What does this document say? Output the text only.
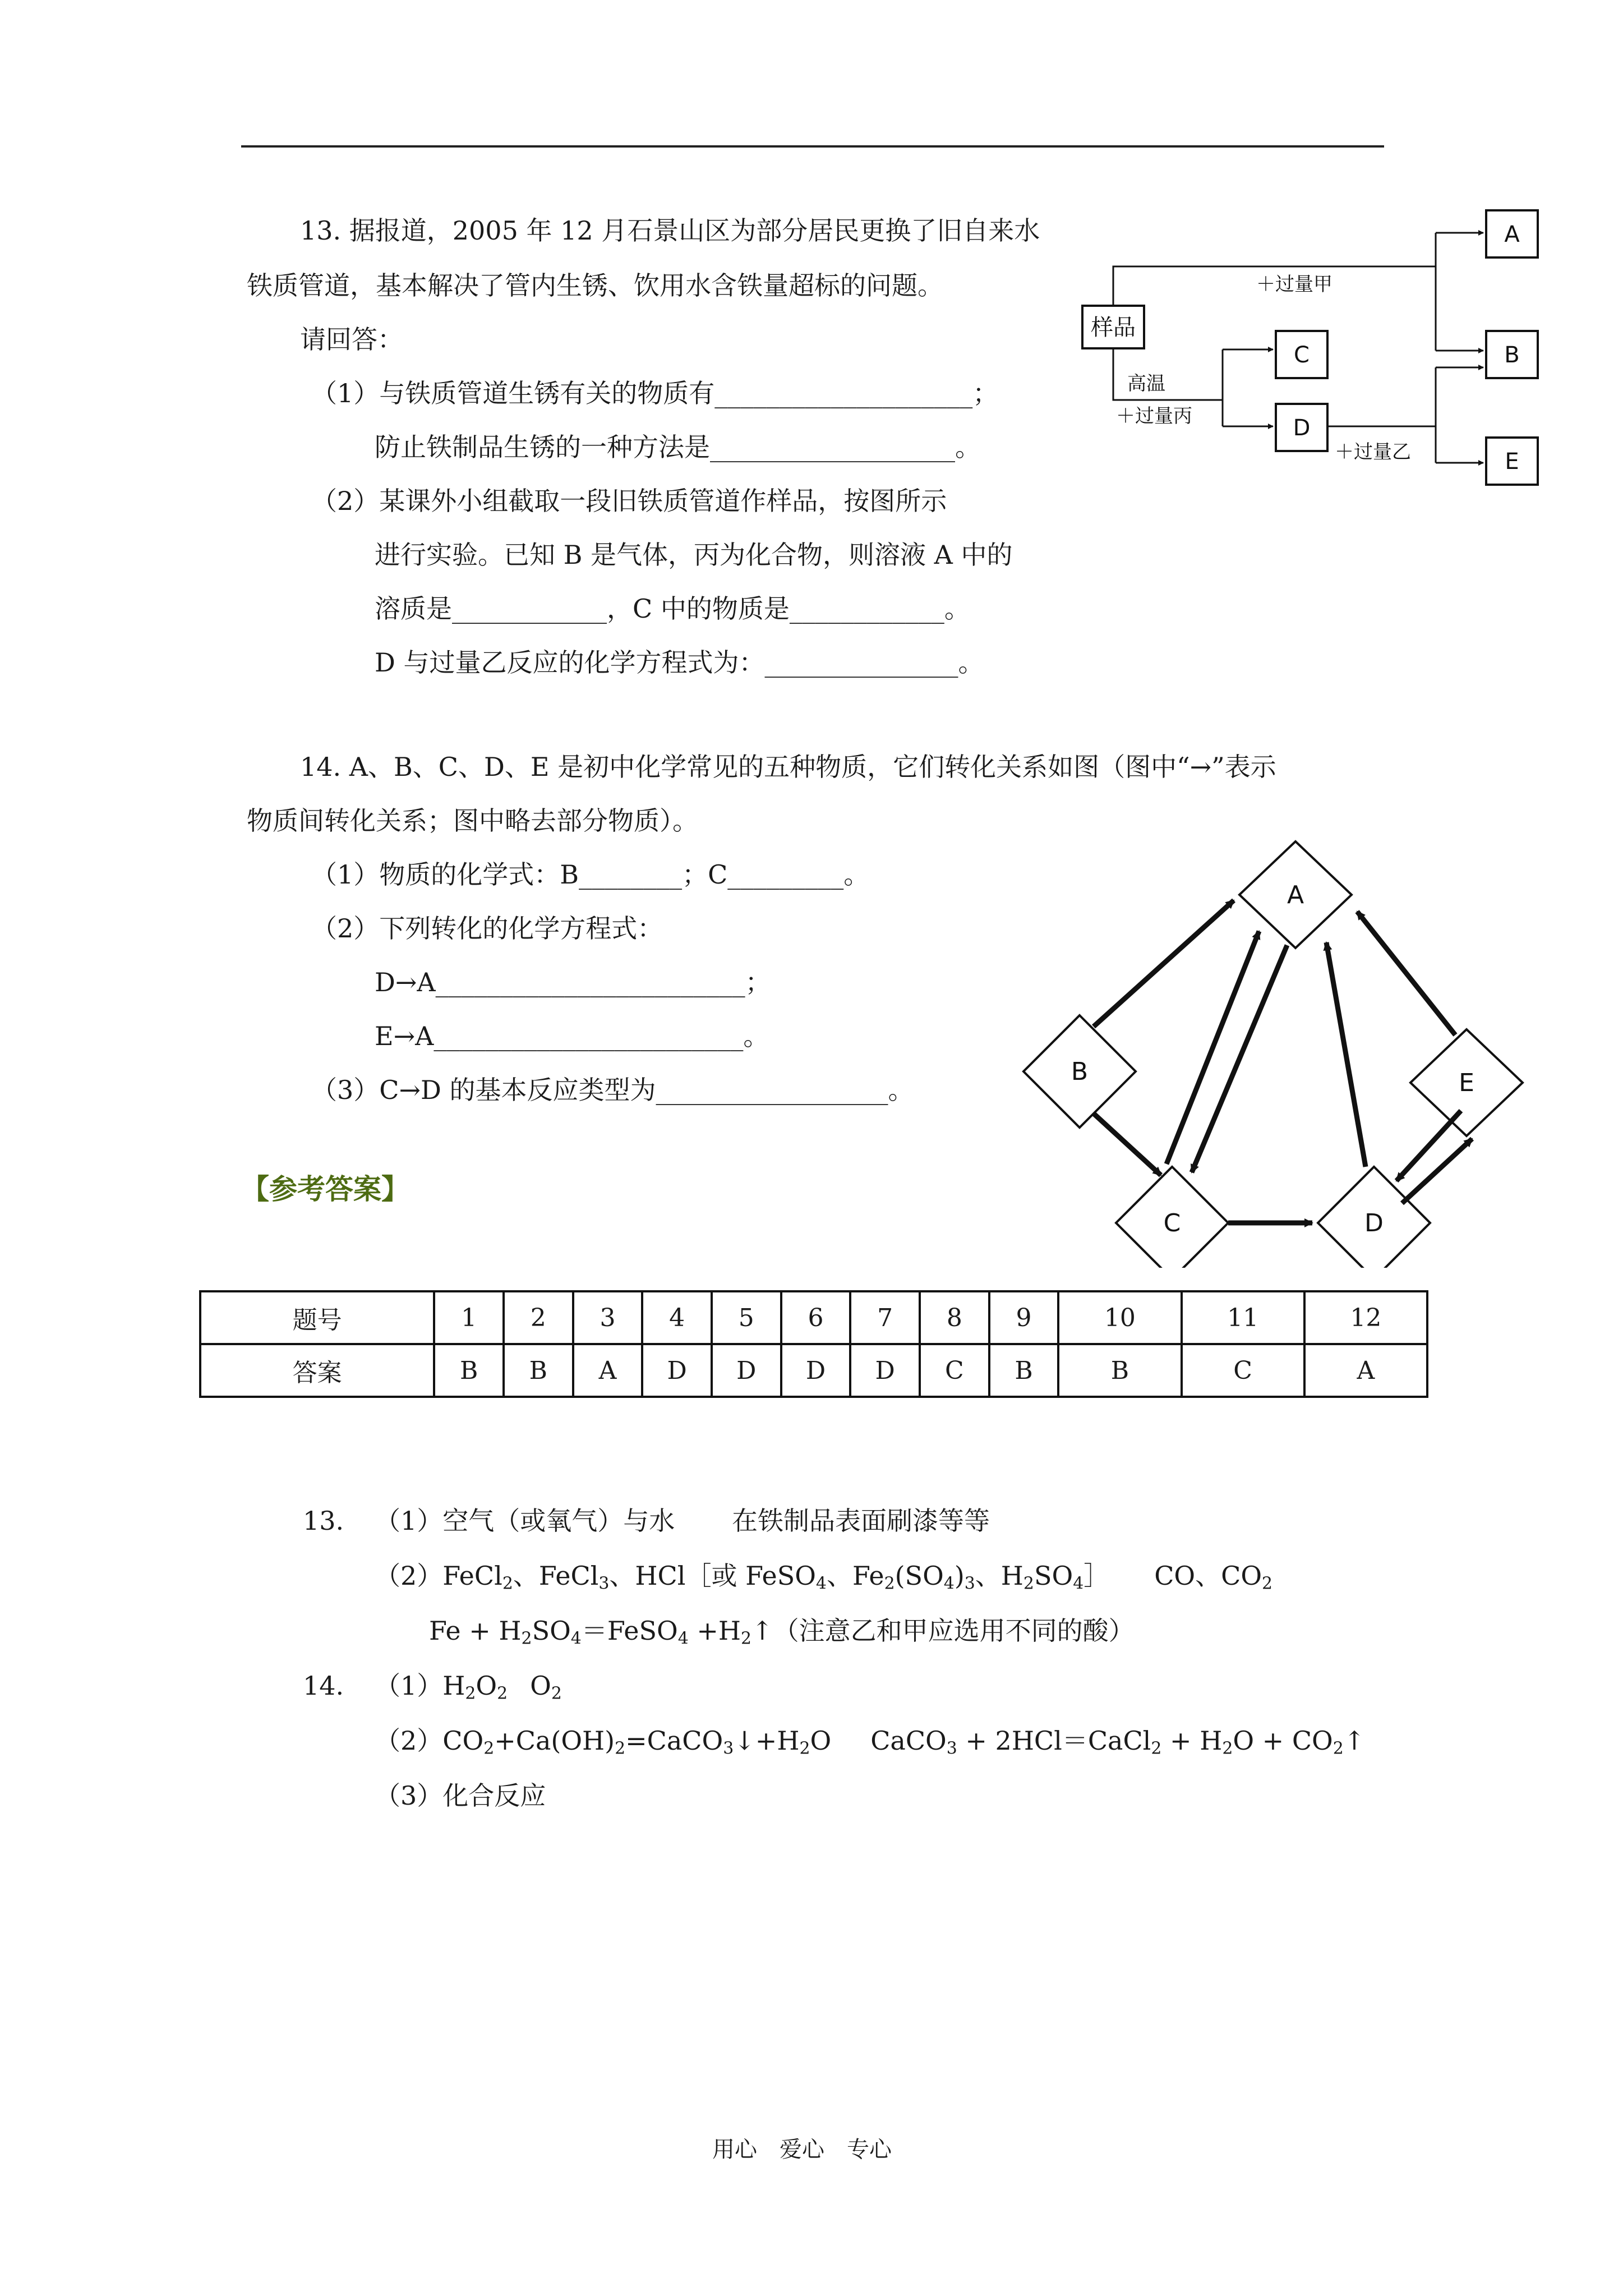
13. 据报道，2005 年 12 月石景山区为部分居民更换了旧自来水
铁质管道，基本解决了管内生锈、饮用水含铁量超标的问题。
请回答：
（1）与铁质管道生锈有关的物质有____________________；
防止铁制品生锈的一种方法是___________________。
（2）某课外小组截取一段旧铁质管道作样品，按图所示
进行实验。已知 B 是气体，丙为化合物，则溶液 A 中的
溶质是____________，C 中的物质是____________。
D 与过量乙反应的化学方程式为：_______________。
样品
A
B
E
C
D
＋过量甲
高温
＋过量丙
＋过量乙
14. A、B、C、D、E 是初中化学常见的五种物质，它们转化关系如图（图中“→”表示
物质间转化关系；图中略去部分物质）。
（1）物质的化学式：B________；C_________。
（2）下列转化的化学方程式：
D→A________________________；
E→A________________________。
（3）C→D 的基本反应类型为__________________。
A
B	E
C	D
【参考答案】
题号	1	2	3	4	5	6	7	8	9	10	11	12
答案	B	B	A	D	D	D	D	C	B	B	C	A
13. （1）空气（或氧气）与水 在铁制品表面刷漆等等
（2）FeCl$_2$、FeCl$_3$、HCl［或 FeSO$_4$、$Fe_2(SO_4)_3$、$H_2SO_4]$ CO、$CO_2$
$Fe + H_2SO_4=FeSO_4$ $+H_2↑$（注意乙和甲应选用不同的酸）
14. $(1)H_2O_2$ $O_2$
$(2)CO_2+Ca(OH)_2=CaCO_3↓+H_2O$ CaCO$_3$ + 2HCl＝CaCl$_2$ + $H_2O$ + $CO_2↑$
（3）化合反应
用心　爱心　专心
